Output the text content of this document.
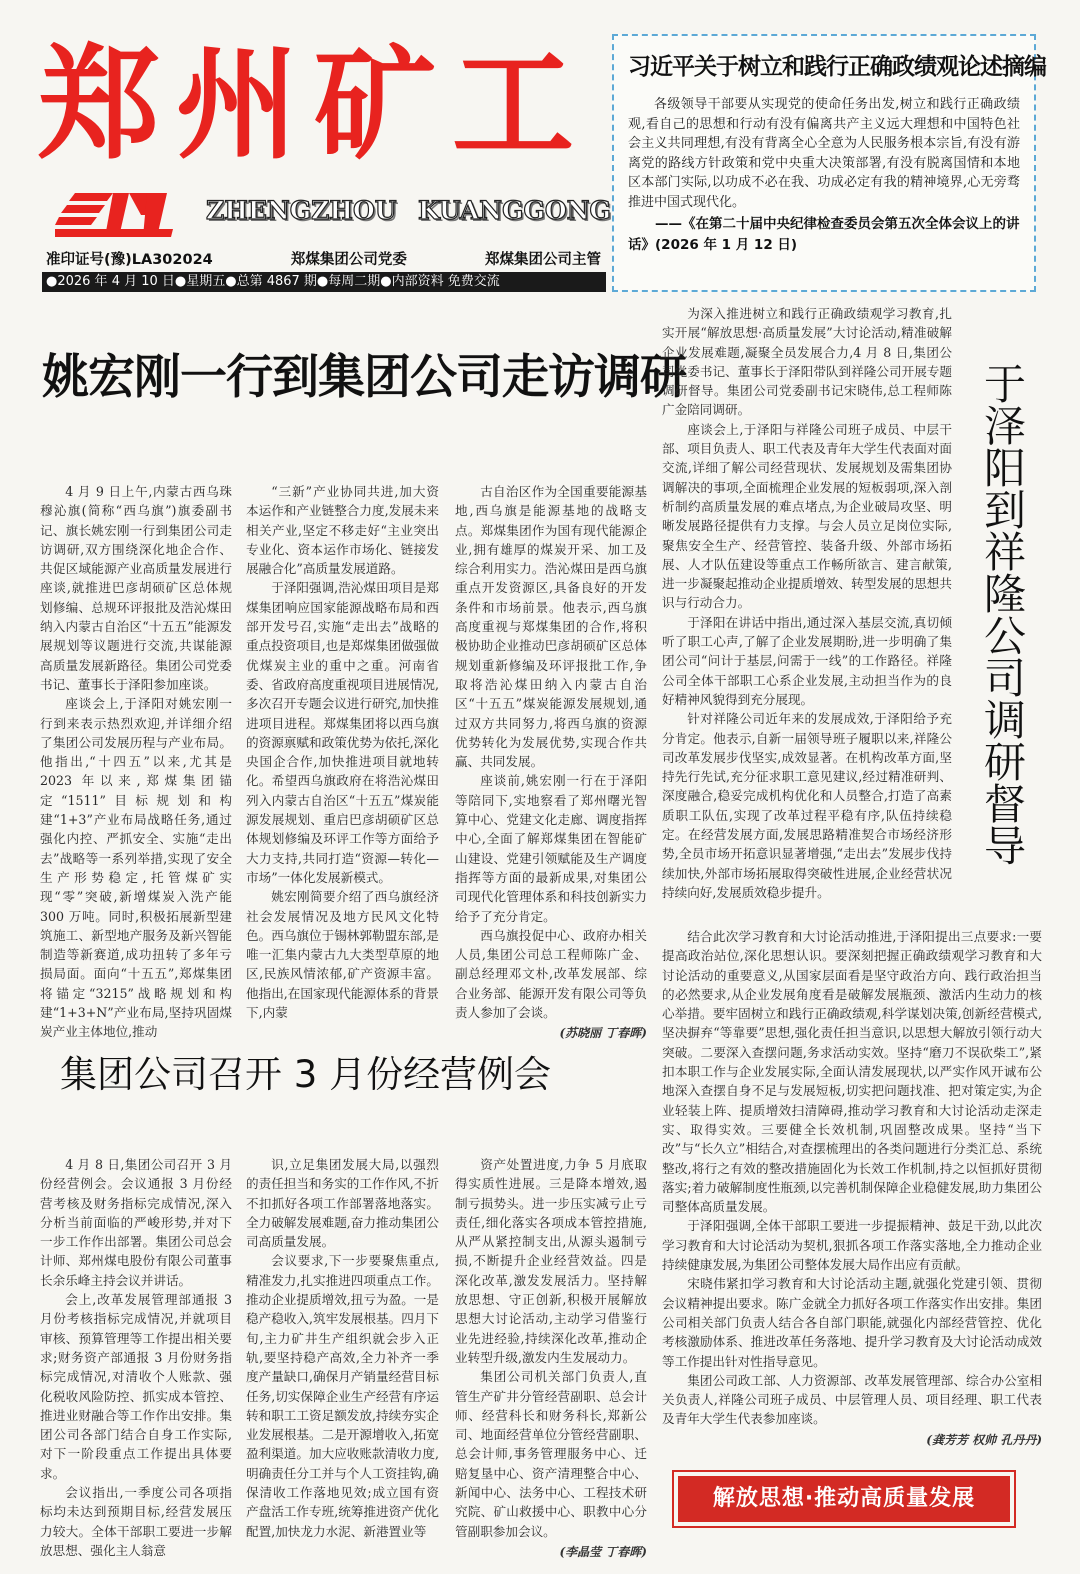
郑州矿工
ZHENGZHOU KUANGGONG
准印证号(豫)LA302024	郑煤集团公司党委	郑煤集团公司主管
●2026 年 4 月 10 日●星期五●总第 4867 期●每周二期●内部资料 免费交流
习近平关于树立和践行正确政绩观论述摘编

各级领导干部要从实现党的使命任务出发,树立和践行正确政绩观,看自己的思想和行动有没有偏离共产主义远大理想和中国特色社会主义共同理想,有没有背离全心全意为人民服务根本宗旨,有没有游离党的路线方针政策和党中央重大决策部署,有没有脱离国情和本地区本部门实际,以功成不必在我、功成必定有我的精神境界,心无旁骛推进中国式现代化。

——《在第二十届中央纪律检查委员会第五次全体会议上的讲话》(2026 年 1 月 12 日)

姚宏刚一行到集团公司走访调研

4 月 9 日上午,内蒙古西乌珠穆沁旗(简称“西乌旗”)旗委副书记、旗长姚宏刚一行到集团公司走访调研,双方围绕深化地企合作、共促区域能源产业高质量发展进行座谈,就推进巴彦胡硕矿区总体规划修编、总规环评报批及浩沁煤田纳入内蒙古自治区“十五五”能源发展规划等议题进行交流,共谋能源高质量发展新路径。集团公司党委书记、董事长于泽阳参加座谈。

座谈会上,于泽阳对姚宏刚一行到来表示热烈欢迎,并详细介绍了集团公司发展历程与产业布局。他指出,“十四五”以来,尤其是 2023 年以来,郑煤集团锚定“1511”目标规划和构建“1+3”产业布局战略任务,通过强化内控、严抓安全、实施“走出去”战略等一系列举措,实现了安全生产形势稳定,托管煤矿实现“零”突破,新增煤炭入洗产能 300 万吨。同时,积极拓展新型建筑施工、新型地产服务及新兴智能制造等新赛道,成功扭转了多年亏损局面。面向“十五五”,郑煤集团将锚定“3215”战略规划和构建“1+3+N”产业布局,坚持巩固煤炭产业主体地位,推动

“三新”产业协同共进,加大资本运作和产业链整合力度,发展未来相关产业,坚定不移走好“主业突出专业化、资本运作市场化、链接发展融合化”高质量发展道路。

于泽阳强调,浩沁煤田项目是郑煤集团响应国家能源战略布局和西部开发号召,实施“走出去”战略的重点投资项目,也是郑煤集团做强做优煤炭主业的重中之重。河南省委、省政府高度重视项目进展情况,多次召开专题会议进行研究,加快推进项目进程。郑煤集团将以西乌旗的资源禀赋和政策优势为依托,深化央国企合作,加快推进项目就地转化。希望西乌旗政府在将浩沁煤田列入内蒙古自治区“十五五”煤炭能源发展规划、重启巴彦胡硕矿区总体规划修编及环评工作等方面给予大力支持,共同打造“资源—转化—市场”一体化发展新模式。

姚宏刚简要介绍了西乌旗经济社会发展情况及地方民风文化特色。西乌旗位于锡林郭勒盟东部,是唯一汇集内蒙古九大类型草原的地区,民族风情浓郁,矿产资源丰富。他指出,在国家现代能源体系的背景下,内蒙

古自治区作为全国重要能源基地,西乌旗是能源基地的战略支点。郑煤集团作为国有现代能源企业,拥有雄厚的煤炭开采、加工及综合利用实力。浩沁煤田是西乌旗重点开发资源区,具备良好的开发条件和市场前景。他表示,西乌旗高度重视与郑煤集团的合作,将积极协助企业推动巴彦胡硕矿区总体规划重新修编及环评报批工作,争取将浩沁煤田纳入内蒙古自治区“十五五”煤炭能源发展规划,通过双方共同努力,将西乌旗的资源优势转化为发展优势,实现合作共赢、共同发展。

座谈前,姚宏刚一行在于泽阳等陪同下,实地察看了郑州曙光智算中心、党建文化走廊、调度指挥中心,全面了解郑煤集团在智能矿山建设、党建引领赋能及生产调度指挥等方面的最新成果,对集团公司现代化管理体系和科技创新实力给予了充分肯定。

西乌旗投促中心、政府办相关人员,集团公司总工程师陈广金、副总经理邓文朴,改革发展部、综合业务部、能源开发有限公司等负责人参加了会谈。

(苏晓丽 丁春晖)
集团公司召开 3 月份经营例会

4 月 8 日,集团公司召开 3 月份经营例会。会议通报 3 月份经营考核及财务指标完成情况,深入分析当前面临的严峻形势,并对下一步工作作出部署。集团公司总会计师、郑州煤电股份有限公司董事长余乐峰主持会议并讲话。

会上,改革发展管理部通报 3 月份考核指标完成情况,并就项目审核、预算管理等工作提出相关要求;财务资产部通报 3 月份财务指标完成情况,对清收个人账款、强化税收风险防控、抓实成本管控、推进业财融合等工作作出安排。集团公司各部门结合自身工作实际,对下一阶段重点工作提出具体要求。

会议指出,一季度公司各项指标均未达到预期目标,经营发展压力较大。全体干部职工要进一步解放思想、强化主人翁意

识,立足集团发展大局,以强烈的责任担当和务实的工作作风,不折不扣抓好各项工作部署落地落实。全力破解发展难题,奋力推动集团公司高质量发展。

会议要求,下一步要聚焦重点,精准发力,扎实推进四项重点工作。推动企业提质增效,扭亏为盈。一是稳产稳收入,筑牢发展根基。四月下旬,主力矿井生产组织就会步入正轨,要坚持稳产高效,全力补齐一季度产量缺口,确保月产销量经营目标任务,切实保障企业生产经营有序运转和职工工资足额发放,持续夯实企业发展根基。二是开源增收入,拓宽盈利渠道。加大应收账款清收力度,明确责任分工并与个人工资挂钩,确保清收工作落地见效;成立国有资产盘活工作专班,统筹推进资产优化配置,加快龙力水泥、新港置业等

资产处置进度,力争 5 月底取得实质性进展。三是降本增效,遏制亏损势头。进一步压实减亏止亏责任,细化落实各项成本管控措施,从严从紧控制支出,从源头遏制亏损,不断提升企业经营效益。四是深化改革,激发发展活力。坚持解放思想、守正创新,积极开展解放思想大讨论活动,主动学习借鉴行业先进经验,持续深化改革,推动企业转型升级,激发内生发展动力。

集团公司机关部门负责人,直管生产矿井分管经营副职、总会计师、经营科长和财务科长,郑新公司、地面经营单位分管经营副职、总会计师,事务管理服务中心、迁赔复垦中心、资产清理整合中心、新闻中心、法务中心、工程技术研究院、矿山救援中心、职教中心分管副职参加会议。

(李晶莹 丁春晖)
于泽阳到祥隆公司调研督导

为深入推进树立和践行正确政绩观学习教育,扎实开展“解放思想·高质量发展”大讨论活动,精准破解企业发展难题,凝聚全员发展合力,4 月 8 日,集团公司党委书记、董事长于泽阳带队到祥隆公司开展专题调研督导。集团公司党委副书记宋晓伟,总工程师陈广金陪同调研。

座谈会上,于泽阳与祥隆公司班子成员、中层干部、项目负责人、职工代表及青年大学生代表面对面交流,详细了解公司经营现状、发展规划及需集团协调解决的事项,全面梳理企业发展的短板弱项,深入剖析制约高质量发展的难点堵点,为企业破局攻坚、明晰发展路径提供有力支撑。与会人员立足岗位实际,聚焦安全生产、经营管控、装备升级、外部市场拓展、人才队伍建设等重点工作畅所欲言、建言献策,进一步凝聚起推动企业提质增效、转型发展的思想共识与行动合力。

于泽阳在讲话中指出,通过深入基层交流,真切倾听了职工心声,了解了企业发展期盼,进一步明确了集团公司“问计于基层,问需于一线”的工作路径。祥隆公司全体干部职工心系企业发展,主动担当作为的良好精神风貌得到充分展现。

针对祥隆公司近年来的发展成效,于泽阳给予充分肯定。他表示,自新一届领导班子履职以来,祥隆公司改革发展步伐坚实,成效显著。在机构改革方面,坚持先行先试,充分征求职工意见建议,经过精准研判、深度融合,稳妥完成机构优化和人员整合,打造了高素质职工队伍,实现了改革过程平稳有序,队伍持续稳定。在经营发展方面,发展思路精准契合市场经济形势,全员市场开拓意识显著增强,“走出去”发展步伐持续加快,外部市场拓展取得突破性进展,企业经营状况持续向好,发展质效稳步提升。

结合此次学习教育和大讨论活动推进,于泽阳提出三点要求:一要提高政治站位,深化思想认识。要深刻把握正确政绩观学习教育和大讨论活动的重要意义,从国家层面看是坚守政治方向、践行政治担当的必然要求,从企业发展角度看是破解发展瓶颈、激活内生动力的核心举措。要牢固树立和践行正确政绩观,科学谋划决策,创新经营模式,坚决摒弃“等靠要”思想,强化责任担当意识,以思想大解放引领行动大突破。二要深入查摆问题,务求活动实效。坚持“磨刀不误砍柴工”,紧扣本职工作与企业发展实际,全面认清发展现状,以严实作风开诚布公地深入查摆自身不足与发展短板,切实把问题找准、把对策定实,为企业轻装上阵、提质增效扫清障碍,推动学习教育和大讨论活动走深走实、取得实效。三要健全长效机制,巩固整改成果。坚持“当下改”与“长久立”相结合,对查摆梳理出的各类问题进行分类汇总、系统整改,将行之有效的整改措施固化为长效工作机制,持之以恒抓好贯彻落实;着力破解制度性瓶颈,以完善机制保障企业稳健发展,助力集团公司整体高质量发展。

于泽阳强调,全体干部职工要进一步提振精神、鼓足干劲,以此次学习教育和大讨论活动为契机,狠抓各项工作落实落地,全力推动企业持续健康发展,为集团公司整体发展大局作出应有贡献。

宋晓伟紧扣学习教育和大讨论活动主题,就强化党建引领、贯彻会议精神提出要求。陈广金就全力抓好各项工作落实作出安排。集团公司相关部门负责人结合各自部门职能,就强化内部经营管控、优化考核激励体系、推进改革任务落地、提升学习教育及大讨论活动成效等工作提出针对性指导意见。

集团公司政工部、人力资源部、改革发展管理部、综合办公室相关负责人,祥隆公司班子成员、中层管理人员、项目经理、职工代表及青年大学生代表参加座谈。

(龚芳芳 权帅 孔丹丹)
解放思想·推动高质量发展
